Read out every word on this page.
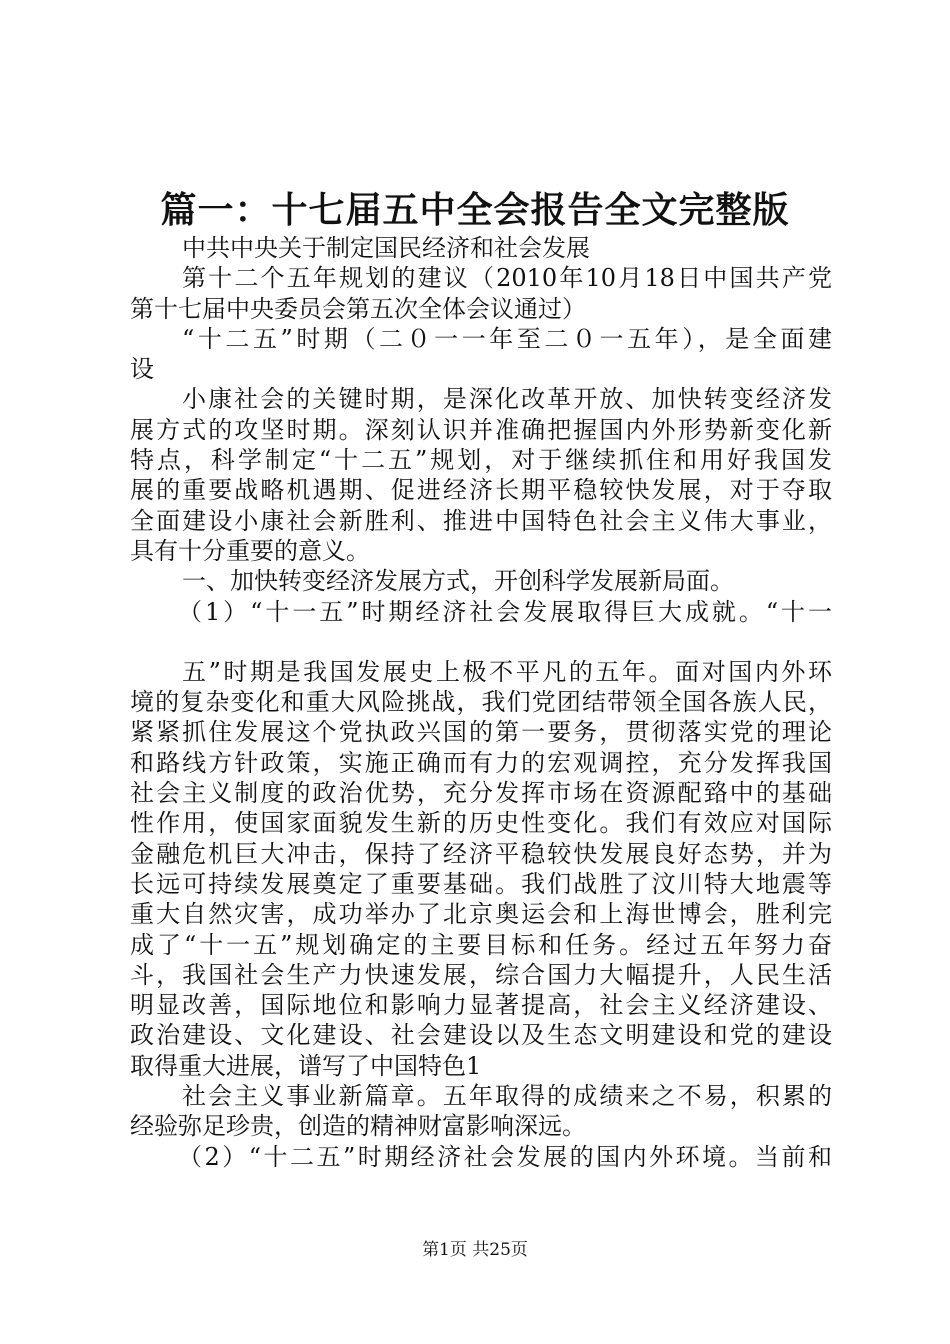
篇一：十七届五中全会报告全文完整版
中共中央关于制定国民经济和社会发展
第十二个五年规划的建议（2010年10月18日中国共产党
第十七届中央委员会第五次全体会议通过）
“十二五”时期（二０一一年至二０一五年），是全面建
设
小康社会的关键时期，是深化改革开放、加快转变经济发
展方式的攻坚时期。深刻认识并准确把握国内外形势新变化新
特点，科学制定“十二五”规划，对于继续抓住和用好我国发
展的重要战略机遇期、促进经济长期平稳较快发展，对于夺取
全面建设小康社会新胜利、推进中国特色社会主义伟大事业，
具有十分重要的意义。
一、加快转变经济发展方式，开创科学发展新局面。
（1）“十一五”时期经济社会发展取得巨大成就。“十一
五”时期是我国发展史上极不平凡的五年。面对国内外环
境的复杂变化和重大风险挑战，我们党团结带领全国各族人民，
紧紧抓住发展这个党执政兴国的第一要务，贯彻落实党的理论
和路线方针政策，实施正确而有力的宏观调控，充分发挥我国
社会主义制度的政治优势，充分发挥市场在资源配臵中的基础
性作用，使国家面貌发生新的历史性变化。我们有效应对国际
金融危机巨大冲击，保持了经济平稳较快发展良好态势，并为
长远可持续发展奠定了重要基础。我们战胜了汶川特大地震等
重大自然灾害，成功举办了北京奥运会和上海世博会，胜利完
成了“十一五”规划确定的主要目标和任务。经过五年努力奋
斗，我国社会生产力快速发展，综合国力大幅提升，人民生活
明显改善，国际地位和影响力显著提高，社会主义经济建设、
政治建设、文化建设、社会建设以及生态文明建设和党的建设
取得重大进展，谱写了中国特色1
社会主义事业新篇章。五年取得的成绩来之不易，积累的
经验弥足珍贵，创造的精神财富影响深远。
（2）“十二五”时期经济社会发展的国内外环境。当前和
第1页 共25页
